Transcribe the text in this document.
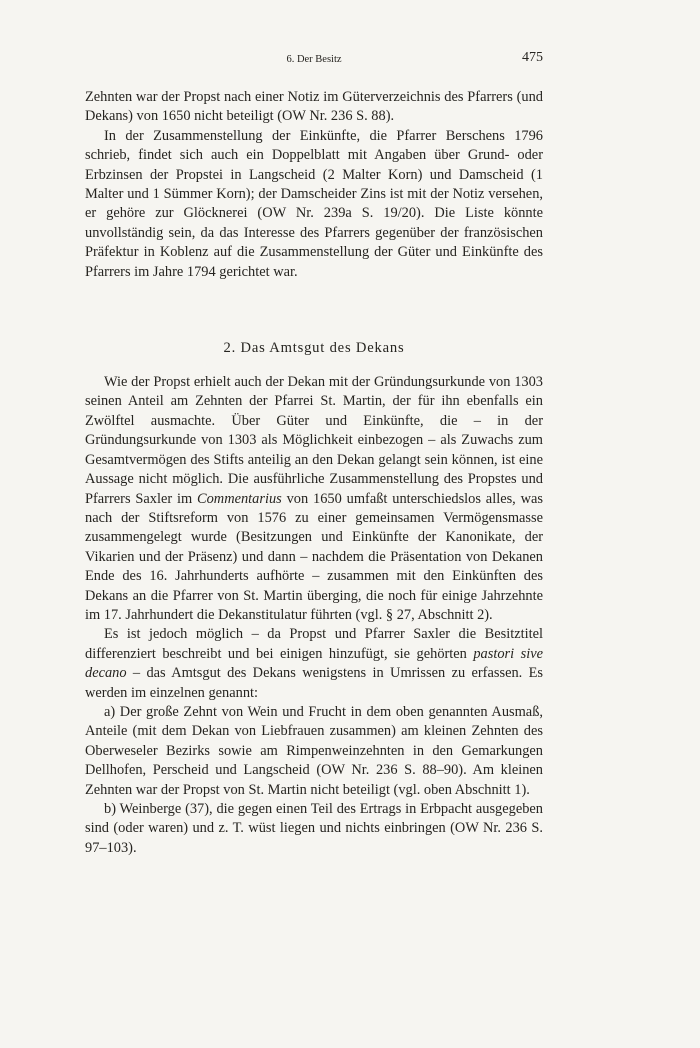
6. Der Besitz	475

Zehnten war der Propst nach einer Notiz im Güterverzeichnis des Pfarrers (und Dekans) von 1650 nicht beteiligt (OW Nr. 236 S. 88).

In der Zusammenstellung der Einkünfte, die Pfarrer Berschens 1796 schrieb, findet sich auch ein Doppelblatt mit Angaben über Grund- oder Erbzinsen der Propstei in Langscheid (2 Malter Korn) und Damscheid (1 Malter und 1 Sümmer Korn); der Damscheider Zins ist mit der Notiz versehen, er gehöre zur Glöcknerei (OW Nr. 239a S. 19/20). Die Liste könnte unvollständig sein, da das Interesse des Pfarrers gegenüber der französischen Präfektur in Koblenz auf die Zusammenstellung der Güter und Einkünfte des Pfarrers im Jahre 1794 gerichtet war.

2. Das Amtsgut des Dekans

Wie der Propst erhielt auch der Dekan mit der Gründungsurkunde von 1303 seinen Anteil am Zehnten der Pfarrei St. Martin, der für ihn ebenfalls ein Zwölftel ausmachte. Über Güter und Einkünfte, die – in der Gründungsurkunde von 1303 als Möglichkeit einbezogen – als Zuwachs zum Gesamtvermögen des Stifts anteilig an den Dekan gelangt sein können, ist eine Aussage nicht möglich. Die ausführliche Zusammenstellung des Propstes und Pfarrers Saxler im Commentarius von 1650 umfaßt unterschiedslos alles, was nach der Stiftsreform von 1576 zu einer gemeinsamen Vermögensmasse zusammengelegt wurde (Besitzungen und Einkünfte der Kanonikate, der Vikarien und der Präsenz) und dann – nachdem die Präsentation von Dekanen Ende des 16. Jahrhunderts aufhörte – zusammen mit den Einkünften des Dekans an die Pfarrer von St. Martin überging, die noch für einige Jahrzehnte im 17. Jahrhundert die Dekanstitulatur führten (vgl. § 27, Abschnitt 2).

Es ist jedoch möglich – da Propst und Pfarrer Saxler die Besitztitel differenziert beschreibt und bei einigen hinzufügt, sie gehörten pastori sive decano – das Amtsgut des Dekans wenigstens in Umrissen zu erfassen. Es werden im einzelnen genannt:

a) Der große Zehnt von Wein und Frucht in dem oben genannten Ausmaß, Anteile (mit dem Dekan von Liebfrauen zusammen) am kleinen Zehnten des Oberweseler Bezirks sowie am Rimpenweinzehnten in den Gemarkungen Dellhofen, Perscheid und Langscheid (OW Nr. 236 S. 88–90). Am kleinen Zehnten war der Propst von St. Martin nicht beteiligt (vgl. oben Abschnitt 1).

b) Weinberge (37), die gegen einen Teil des Ertrags in Erbpacht ausgegeben sind (oder waren) und z. T. wüst liegen und nichts einbringen (OW Nr. 236 S. 97–103).
